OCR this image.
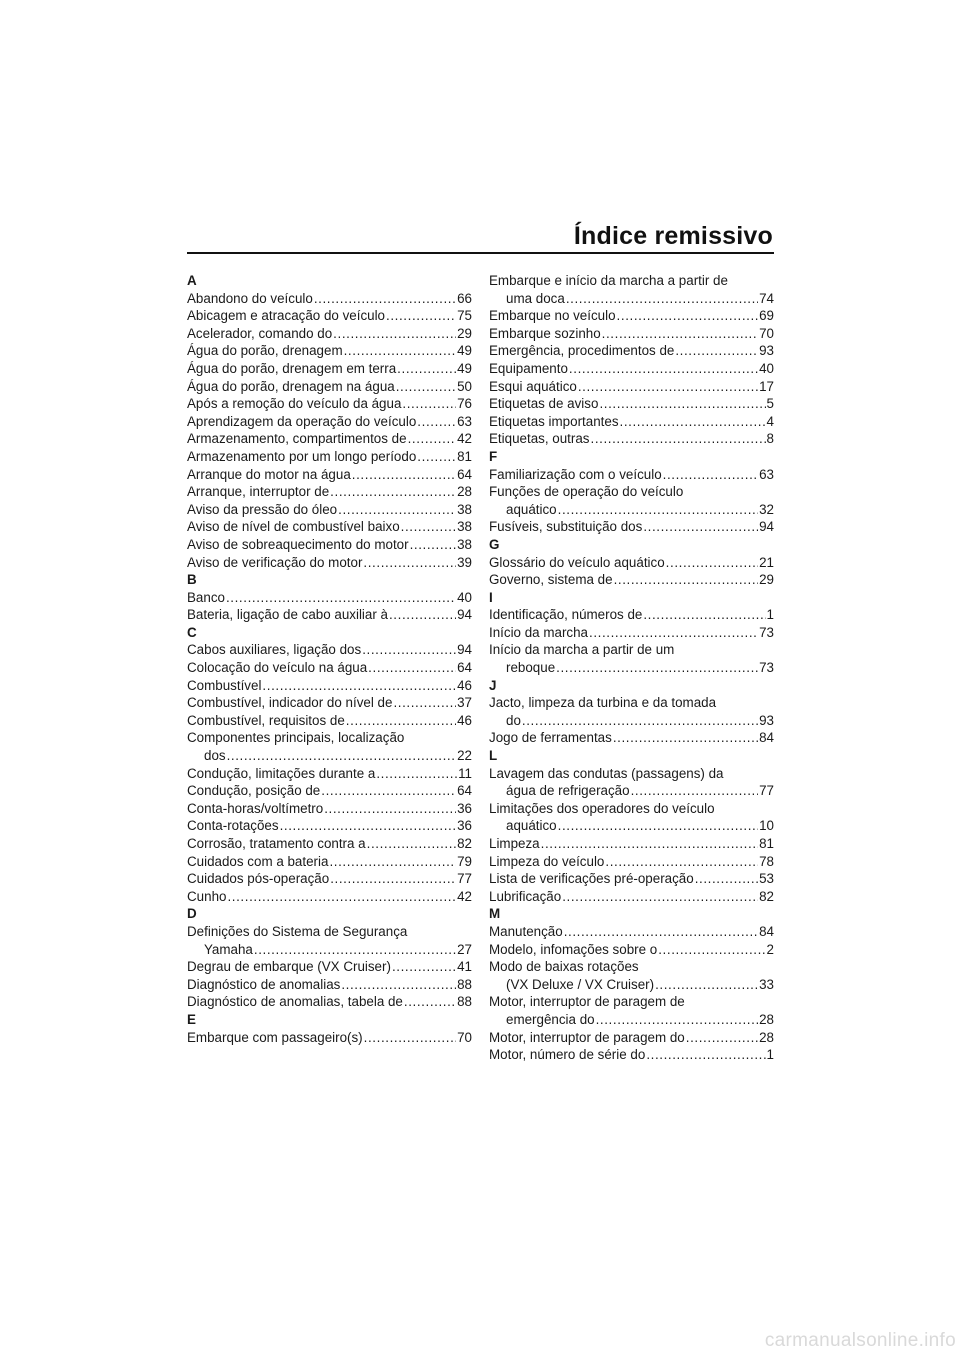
Índice remissivo
A
Abandono do veículo .....	66
Abicagem e atracação do veículo .....	75
Acelerador, comando do .....	29
Água do porão, drenagem .....	49
Água do porão, drenagem em terra .....	49
Água do porão, drenagem na água .....	50
Após a remoção do veículo da água .....	76
Aprendizagem da operação do veículo .....	63
Armazenamento, compartimentos de .....	42
Armazenamento por um longo período .....	81
Arranque do motor na água .....	64
Arranque, interruptor de .....	28
Aviso da pressão do óleo .....	38
Aviso de nível de combustível baixo .....	38
Aviso de sobreaquecimento do motor .....	38
Aviso de verificação do motor .....	39
B
Banco .....	40
Bateria, ligação de cabo auxiliar à .....	94
C
Cabos auxiliares, ligação dos .....	94
Colocação do veículo na água .....	64
Combustível .....	46
Combustível, indicador do nível de .....	37
Combustível, requisitos de .....	46
Componentes principais, localização
dos .....	22
Condução, limitações durante a .....	11
Condução, posição de .....	64
Conta-horas/voltímetro .....	36
Conta-rotações .....	36
Corrosão, tratamento contra a .....	82
Cuidados com a bateria .....	79
Cuidados pós-operação .....	77
Cunho .....	42
D
Definições do Sistema de Segurança
Yamaha .....	27
Degrau de embarque (VX Cruiser) .....	41
Diagnóstico de anomalias .....	88
Diagnóstico de anomalias, tabela de .....	88
E
Embarque com passageiro(s) .....	70
Embarque e início da marcha a partir de
uma doca .....	74
Embarque no veículo .....	69
Embarque sozinho .....	70
Emergência, procedimentos de .....	93
Equipamento .....	40
Esqui aquático .....	17
Etiquetas de aviso .....	5
Etiquetas importantes .....	4
Etiquetas, outras .....	8
F
Familiarização com o veículo .....	63
Funções de operação do veículo
aquático .....	32
Fusíveis, substituição dos .....	94
G
Glossário do veículo aquático .....	21
Governo, sistema de .....	29
I
Identificação, números de .....	1
Início da marcha .....	73
Início da marcha a partir de um
reboque .....	73
J
Jacto, limpeza da turbina e da tomada
do .....	93
Jogo de ferramentas .....	84
L
Lavagem das condutas (passagens) da
água de refrigeração .....	77
Limitações dos operadores do veículo
aquático .....	10
Limpeza .....	81
Limpeza do veículo .....	78
Lista de verificações pré-operação .....	53
Lubrificação .....	82
M
Manutenção .....	84
Modelo, infomações sobre o .....	2
Modo de baixas rotações
(VX Deluxe / VX Cruiser) .....	33
Motor, interruptor de paragem de
emergência do .....	28
Motor, interruptor de paragem do .....	28
Motor, número de série do .....	1
carmanualsonline.info
